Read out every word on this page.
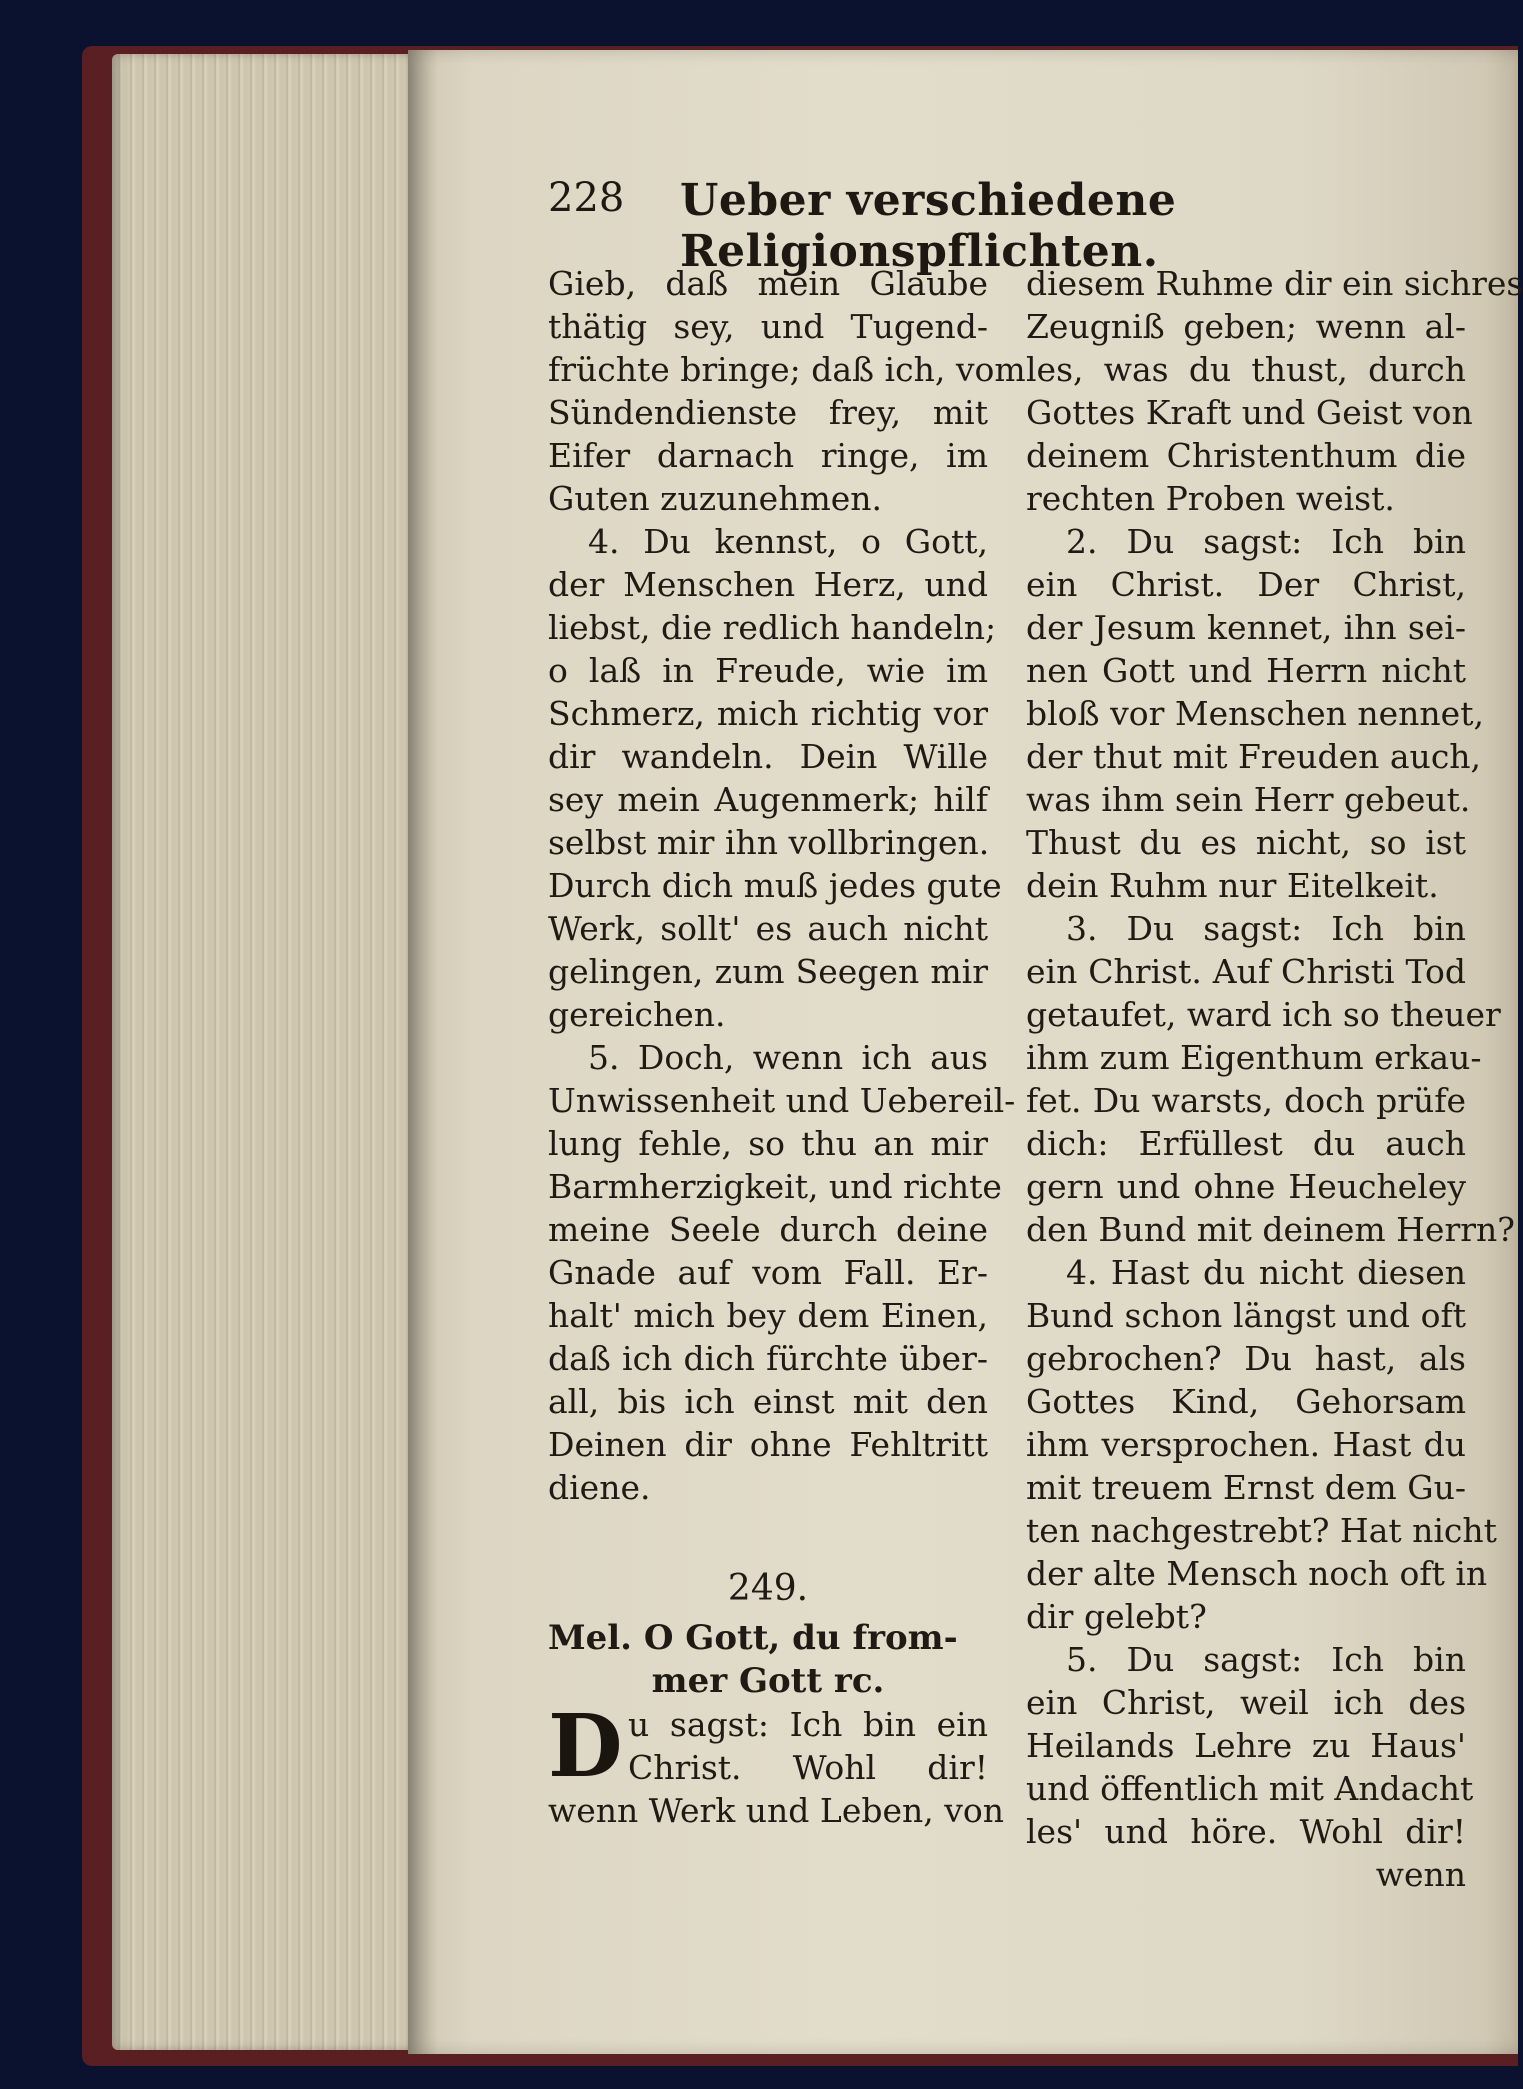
228 Ueber verschiedene Religionspflichten.
Gieb, daß mein Glaube
thätig sey, und Tugend-
früchte bringe; daß ich, vom
Sündendienste frey, mit
Eifer darnach ringe, im
Guten zuzunehmen.
4. Du kennst, o Gott,
der Menschen Herz, und
liebst, die redlich handeln;
o laß in Freude, wie im
Schmerz, mich richtig vor
dir wandeln. Dein Wille
sey mein Augenmerk; hilf
selbst mir ihn vollbringen.
Durch dich muß jedes gute
Werk, sollt' es auch nicht
gelingen, zum Seegen mir
gereichen.
5. Doch, wenn ich aus
Unwissenheit und Uebereil-
lung fehle, so thu an mir
Barmherzigkeit, und richte
meine Seele durch deine
Gnade auf vom Fall. Er-
halt' mich bey dem Einen,
daß ich dich fürchte über-
all, bis ich einst mit den
Deinen dir ohne Fehltritt
diene.
249.
Mel. O Gott, du from-
mer Gott rc.
D u sagst: Ich bin ein
Christ. Wohl dir!
wenn Werk und Leben, von
diesem Ruhme dir ein sichres
Zeugniß geben; wenn al-
les, was du thust, durch
Gottes Kraft und Geist von
deinem Christenthum die
rechten Proben weist.
2. Du sagst: Ich bin
ein Christ. Der Christ,
der Jesum kennet, ihn sei-
nen Gott und Herrn nicht
bloß vor Menschen nennet,
der thut mit Freuden auch,
was ihm sein Herr gebeut.
Thust du es nicht, so ist
dein Ruhm nur Eitelkeit.
3. Du sagst: Ich bin
ein Christ. Auf Christi Tod
getaufet, ward ich so theuer
ihm zum Eigenthum erkau-
fet. Du warsts, doch prüfe
dich: Erfüllest du auch
gern und ohne Heucheley
den Bund mit deinem Herrn?
4. Hast du nicht diesen
Bund schon längst und oft
gebrochen? Du hast, als
Gottes Kind, Gehorsam
ihm versprochen. Hast du
mit treuem Ernst dem Gu-
ten nachgestrebt? Hat nicht
der alte Mensch noch oft in
dir gelebt?
5. Du sagst: Ich bin
ein Christ, weil ich des
Heilands Lehre zu Haus'
und öffentlich mit Andacht
les' und höre. Wohl dir!
wenn
